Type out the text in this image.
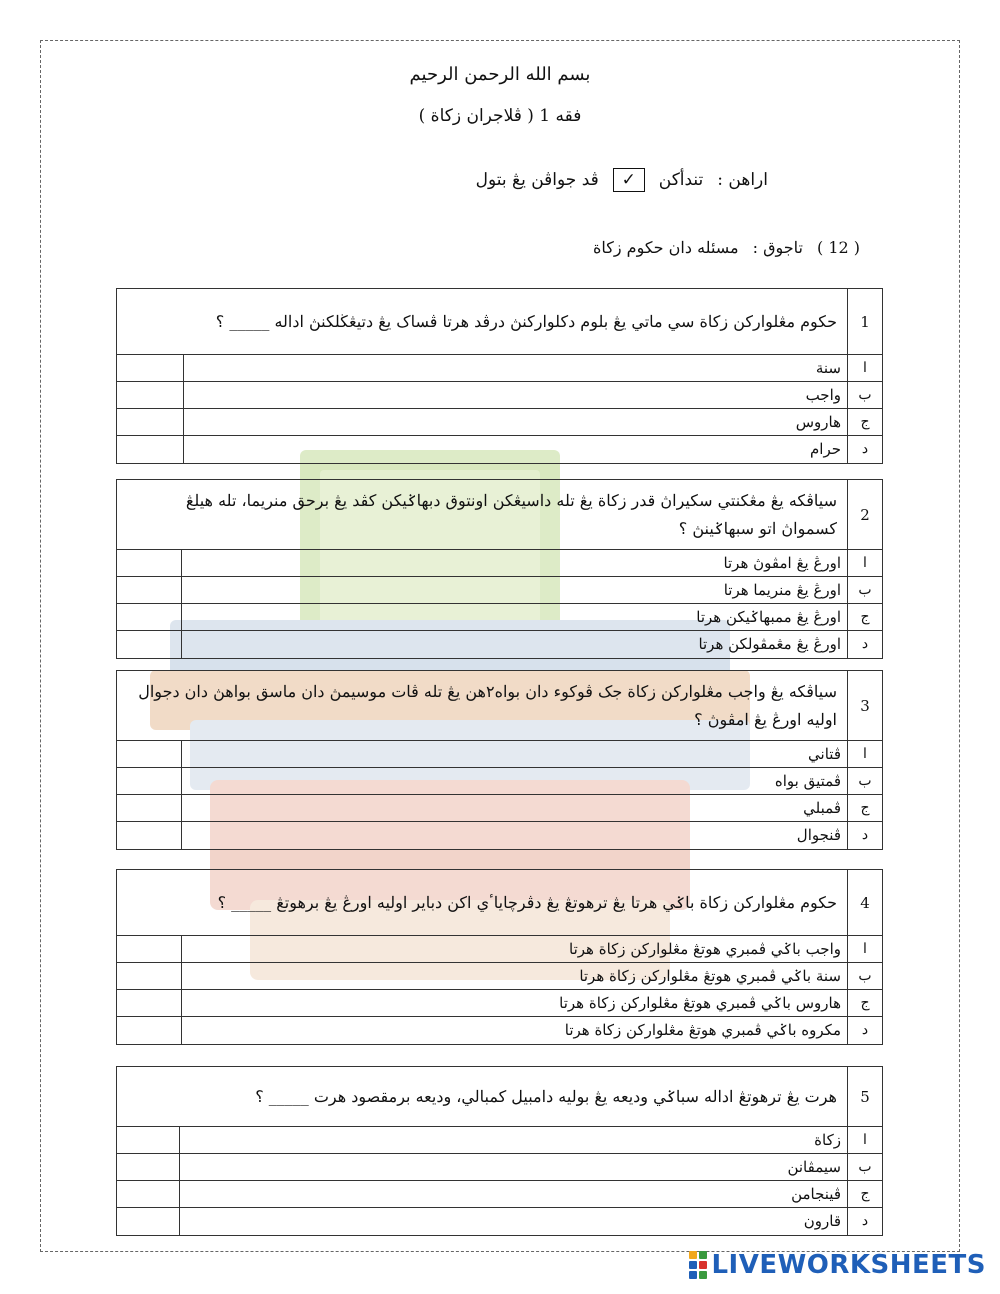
بسم الله الرحمن الرحيم
فقه 1 ( ڤلاجران زكاة )
اراهن :
تندأكن
✓
ڤد جواڤن يڠ بتول
( 12 )
تاجوق :
مسئله دان حكوم زكاة
1
حكوم مڠلواركن زكاة سي ماتي يڠ بلوم دكلواركنڽ درڤد هرتا ڤساک يڠ دتيڠڬلكنڽ اداله _____ ؟
ا
سنة
ب
واجب
ج
هاروس
د
حرام
2
سياڤكه يڠ مڠكنتي سكيراڽ قدر زكاة يڠ تله داسيڠكن اونتوق دبهاݢيكن كڤد يڠ برحق منريما، تله هيلڠ كسمواڽ اتو سبهاݢينڽ ؟
ا
اورڠ يڠ امڤوڽ هرتا
ب
اورڠ يڠ منريما هرتا
ج
اورڠ يڠ ممبهاݢيكن هرتا
د
اورڠ يڠ مڠمڤولكن هرتا
3
سياڤكه يڠ واجب مڠلواركن زكاة جک ڤوکوء دان بواه٢هن يڠ تله ڤات موسيمڽ دان ماسق بواهڽ دان دجوال اوليه اورڠ يڠ امڤوڽ ؟
ا
ڤتاني
ب
ڤمتيق بواه
ج
ڤمبلي
د
ڤنجوال
4
حكوم مڠلواركن زكاة باݢي هرتا يڠ ترهوتڠ يڠ دڤرچاياٴي اكن دباير اوليه اورڠ يڠ برهوتڠ _____ ؟
ا
واجب باݢي ڤمبري هوتڠ مڠلواركن زكاة هرتا
ب
سنة باݢي ڤمبري هوتڠ مڠلواركن زكاة هرتا
ج
هاروس باݢي ڤمبري هوتڠ مڠلواركن زكاة هرتا
د
مكروه باݢي ڤمبري هوتڠ مڠلواركن زكاة هرتا
5
هرت يڠ ترهوتڠ اداله سباݢي وديعه يڠ بوليه دامبيل كمبالي، وديعه برمقصود هرت _____ ؟
ا
زكاة
ب
سيمڤانن
ج
ڤينجامن
د
قارون
LIVEWORKSHEETS
